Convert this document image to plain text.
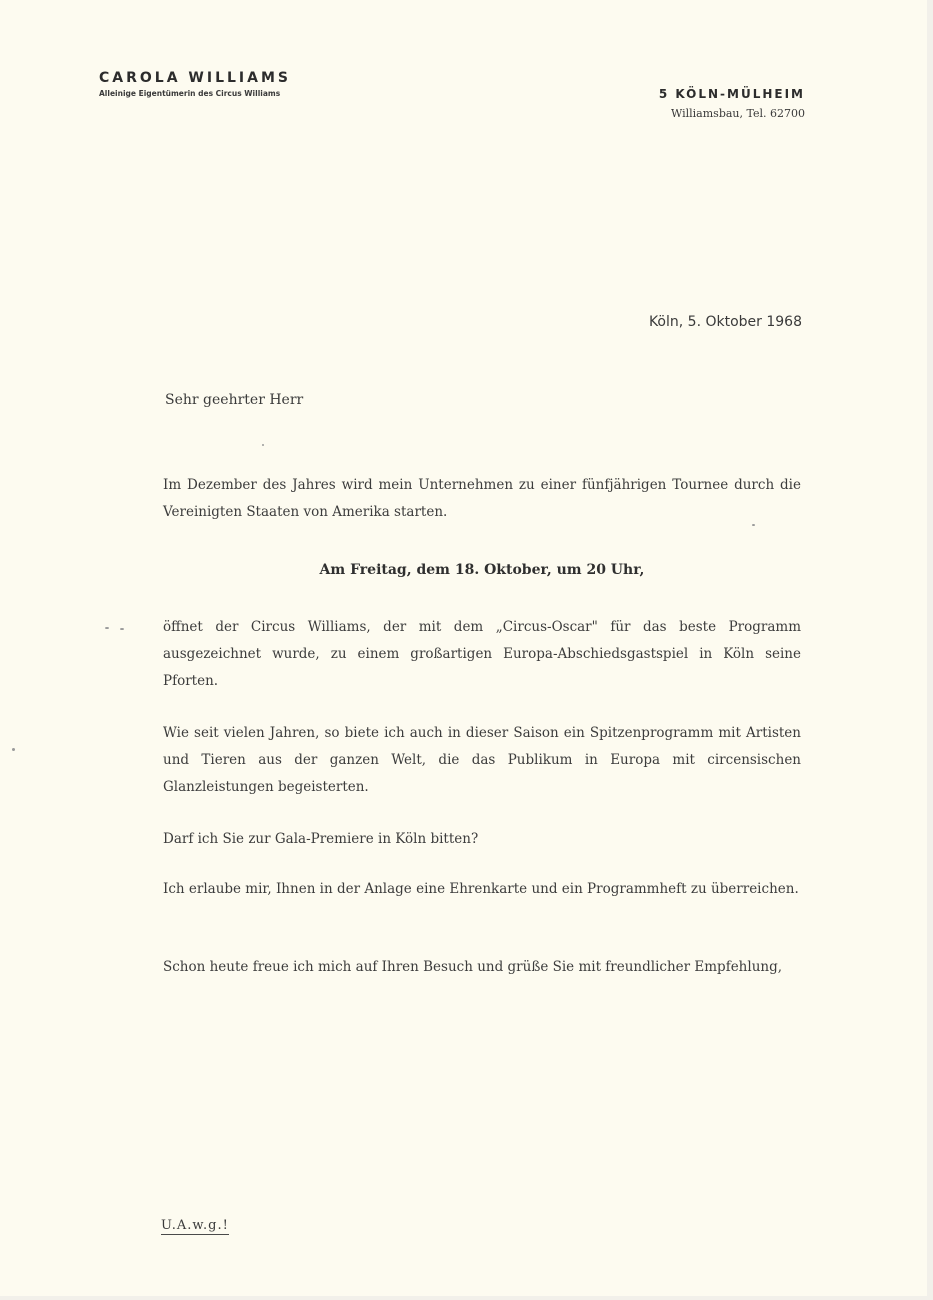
CAROLA WILLIAMS
Alleinige Eigentümerin des Circus Williams	5 KÖLN-MÜLHEIM
Williamsbau, Tel. 62700
Köln, 5. Oktober 1968
Sehr geehrter Herr
Im Dezember des Jahres wird mein Unternehmen zu einer fünfjährigen Tournee durch die Vereinigten Staaten von Amerika starten.
Am Freitag, dem 18. Oktober, um 20 Uhr,
öffnet der Circus Williams, der mit dem „Circus-Oscar" für das beste Programm ausgezeichnet wurde, zu einem großartigen Europa-Abschiedsgastspiel in Köln seine Pforten.
Wie seit vielen Jahren, so biete ich auch in dieser Saison ein Spitzenprogramm mit Artisten und Tieren aus der ganzen Welt, die das Publikum in Europa mit circensischen Glanzleistungen begeisterten.
Darf ich Sie zur Gala-Premiere in Köln bitten?
Ich erlaube mir, Ihnen in der Anlage eine Ehrenkarte und ein Programmheft zu überreichen.
Schon heute freue ich mich auf Ihren Besuch und grüße Sie mit freundlicher Empfehlung,
U.A.w.g.!
